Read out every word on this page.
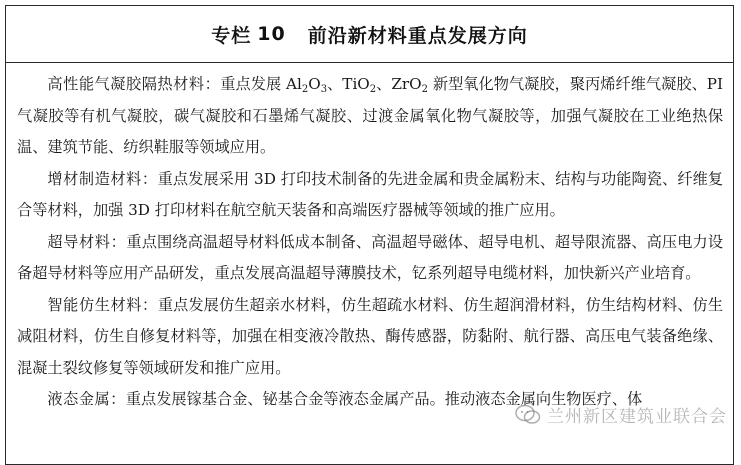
专栏 10 前沿新材料重点发展方向

高性能气凝胶隔热材料：重点发展 $Al_2O_3$、TiO$_2$、ZrO$_2$ 新型氧化物气凝胶，聚丙烯纤维气凝胶、PI 气凝胶等有机气凝胶，碳气凝胶和石墨烯气凝胶、过渡金属氧化物气凝胶等，加强气凝胶在工业绝热保温、建筑节能、纺织鞋服等领域应用。

增材制造材料：重点发展采用 3D 打印技术制备的先进金属和贵金属粉末、结构与功能陶瓷、纤维复合等材料，加强 3D 打印材料在航空航天装备和高端医疗器械等领域的推广应用。

超导材料：重点围绕高温超导材料低成本制备、高温超导磁体、超导电机、超导限流器、高压电力设备超导材料等应用产品研发，重点发展高温超导薄膜技术，钇系列超导电缆材料，加快新兴产业培育。

智能仿生材料：重点发展仿生超亲水材料，仿生超疏水材料、仿生超润滑材料，仿生结构材料、仿生减阻材料，仿生自修复材料等，加强在相变液冷散热、酶传感器，防黏附、航行器、高压电气装备绝缘、混凝土裂纹修复等领域研发和推广应用。

液态金属：重点发展镓基合金、铋基合金等液态金属产品。推动液态金属向生物医疗、体

兰州新区建筑业联合会
